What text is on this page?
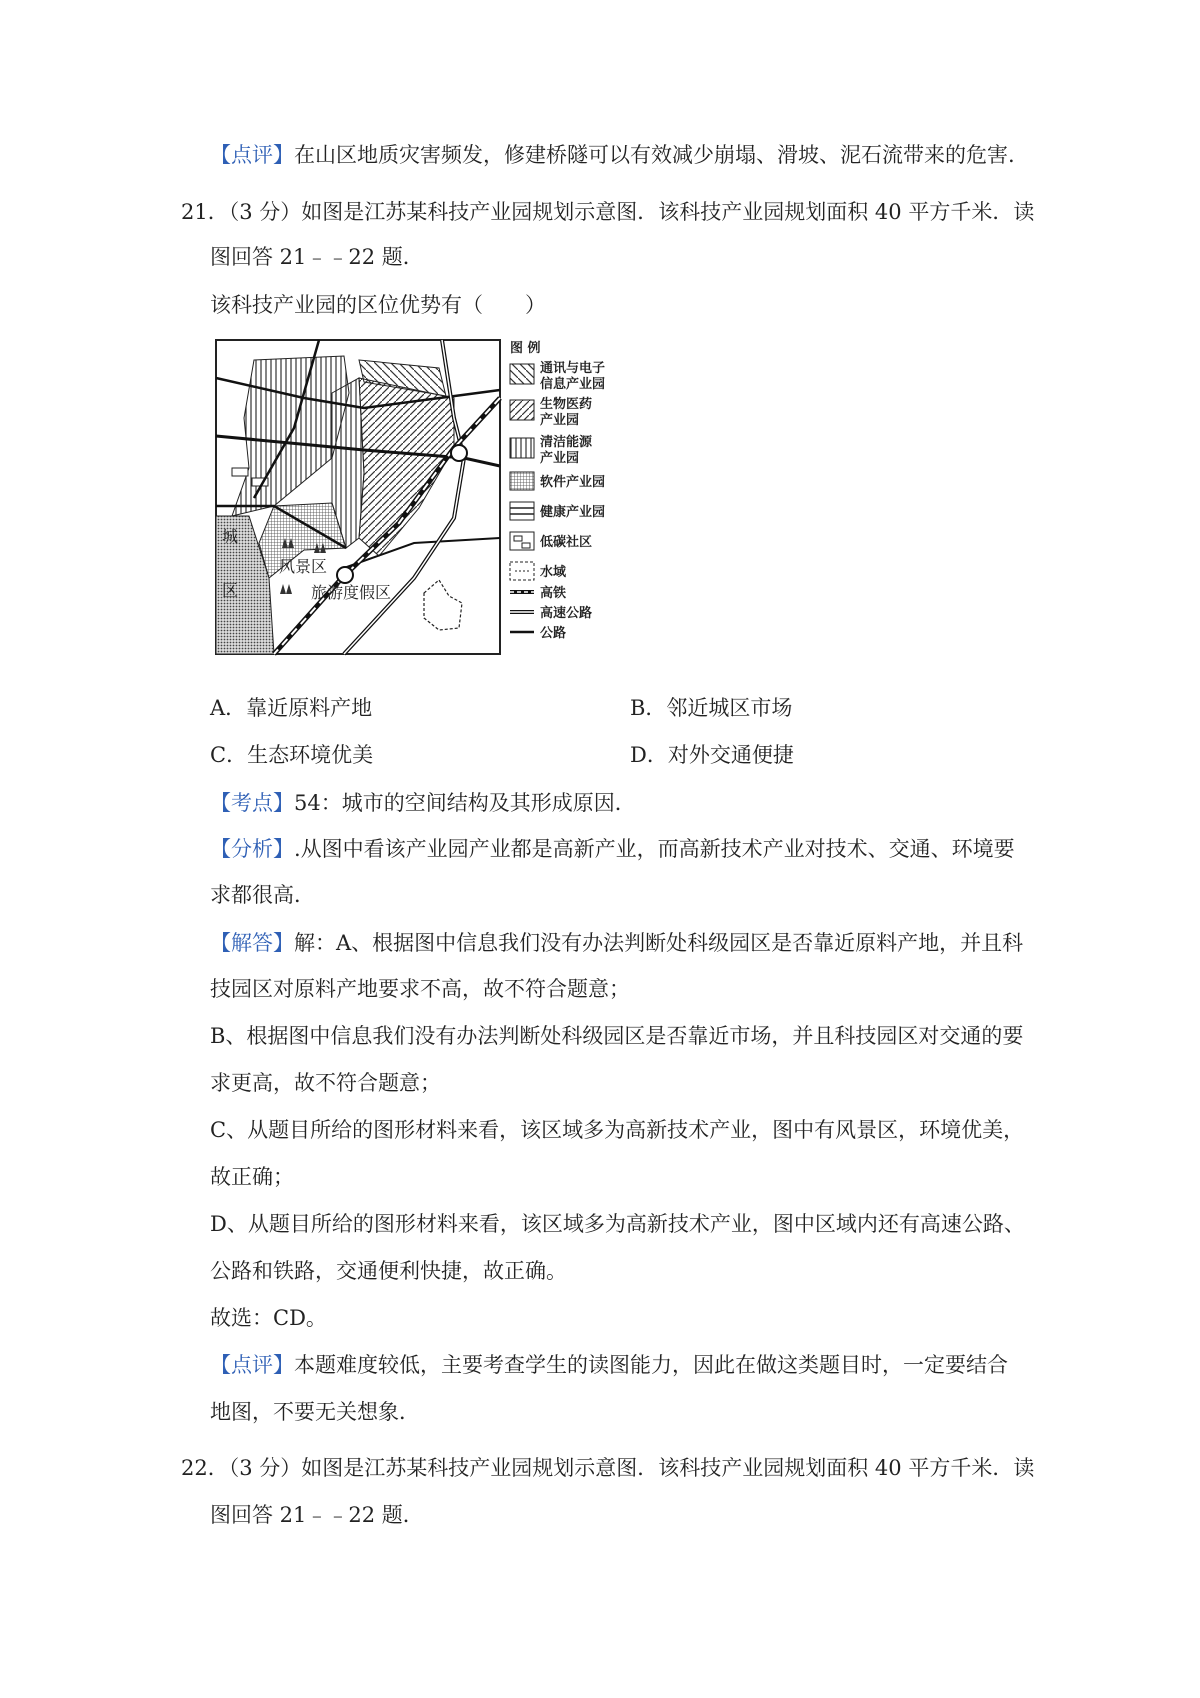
【点评】在山区地质灾害频发，修建桥隧可以有效减少崩塌、滑坡、泥石流带来的危害.
21．（3 分）如图是江苏某科技产业园规划示意图．该科技产业园规划面积 40 平方千米．读
图回答 21﹣﹣22 题．
该科技产业园的区位优势有（　　）
城
区
风景区
旅游度假区
图 例
通讯与电子
信息产业园
生物医药
产业园
清洁能源
产业园
软件产业园
健康产业园
低碳社区
水域
高铁
高速公路
公路
A．靠近原料产地	B．邻近城区市场
C．生态环境优美	D．对外交通便捷
【考点】54：城市的空间结构及其形成原因．
【分析】.从图中看该产业园产业都是高新产业，而高新技术产业对技术、交通、环境要
求都很高．
【解答】解：A、根据图中信息我们没有办法判断处科级园区是否靠近原料产地，并且科
技园区对原料产地要求不高，故不符合题意；
B、根据图中信息我们没有办法判断处科级园区是否靠近市场，并且科技园区对交通的要
求更高，故不符合题意；
C、从题目所给的图形材料来看，该区域多为高新技术产业，图中有风景区，环境优美，
故正确；
D、从题目所给的图形材料来看，该区域多为高新技术产业，图中区域内还有高速公路、
公路和铁路，交通便利快捷，故正确。
故选：CD。
【点评】本题难度较低，主要考查学生的读图能力，因此在做这类题目时，一定要结合
地图，不要无关想象．
22．（3 分）如图是江苏某科技产业园规划示意图．该科技产业园规划面积 40 平方千米．读
图回答 21﹣﹣22 题．
